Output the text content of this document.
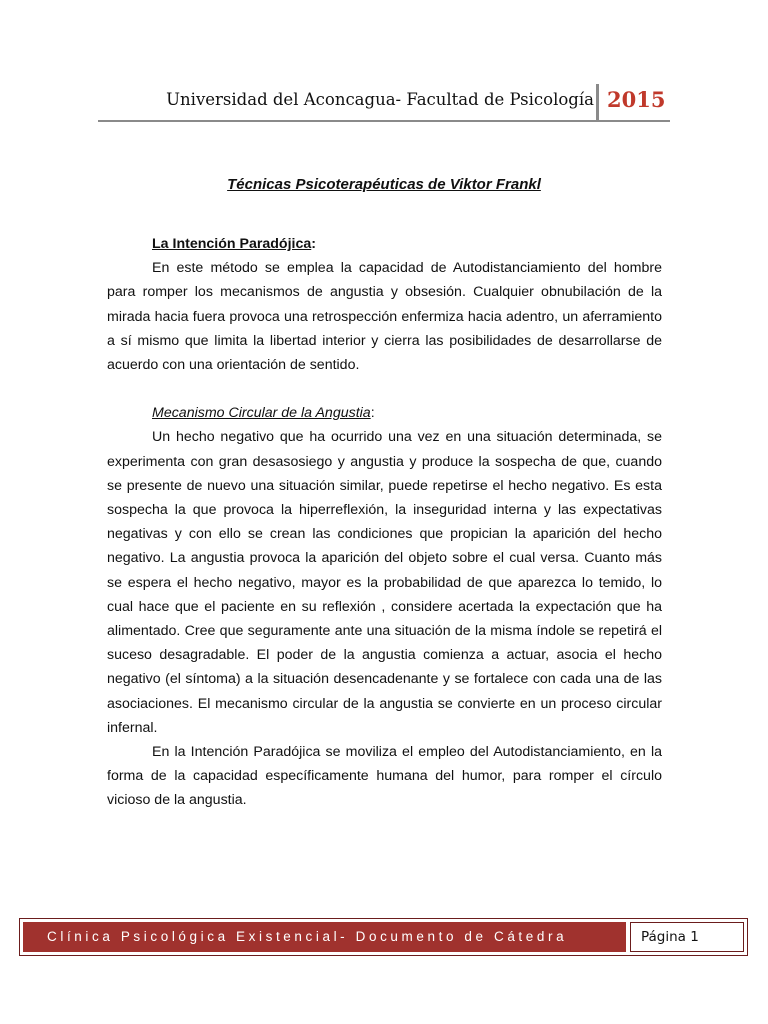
Universidad del Aconcagua- Facultad de Psicología 2015
Técnicas Psicoterapéuticas de Viktor Frankl
La Intención Paradójica:

En este método se emplea la capacidad de Autodistanciamiento del hombre para romper los mecanismos de angustia y obsesión. Cualquier obnubilación de la mirada hacia fuera provoca una retrospección enfermiza hacia adentro, un aferramiento a sí mismo que limita la libertad interior y cierra las posibilidades de desarrollarse de acuerdo con una orientación de sentido.

Mecanismo Circular de la Angustia:

Un hecho negativo que ha ocurrido una vez en una situación determinada, se experimenta con gran desasosiego y angustia y produce la sospecha de que, cuando se presente de nuevo una situación similar, puede repetirse el hecho negativo. Es esta sospecha la que provoca la hiperreflexión, la inseguridad interna y las expectativas negativas y con ello se crean las condiciones que propician la aparición del hecho negativo. La angustia provoca la aparición del objeto sobre el cual versa. Cuanto más se espera el hecho negativo, mayor es la probabilidad de que aparezca lo temido, lo cual hace que el paciente en su reflexión , considere acertada la expectación que ha alimentado. Cree que seguramente ante una situación de la misma índole se repetirá el suceso desagradable. El poder de la angustia comienza a actuar, asocia el hecho negativo (el síntoma) a la situación desencadenante y se fortalece con cada una de las asociaciones. El mecanismo circular de la angustia se convierte en un proceso circular infernal.

En la Intención Paradójica se moviliza el empleo del Autodistanciamiento, en la forma de la capacidad específicamente humana del humor, para romper el círculo vicioso de la angustia.

Clínica Psicológica Existencial- Documento de Cátedra	Página 1
